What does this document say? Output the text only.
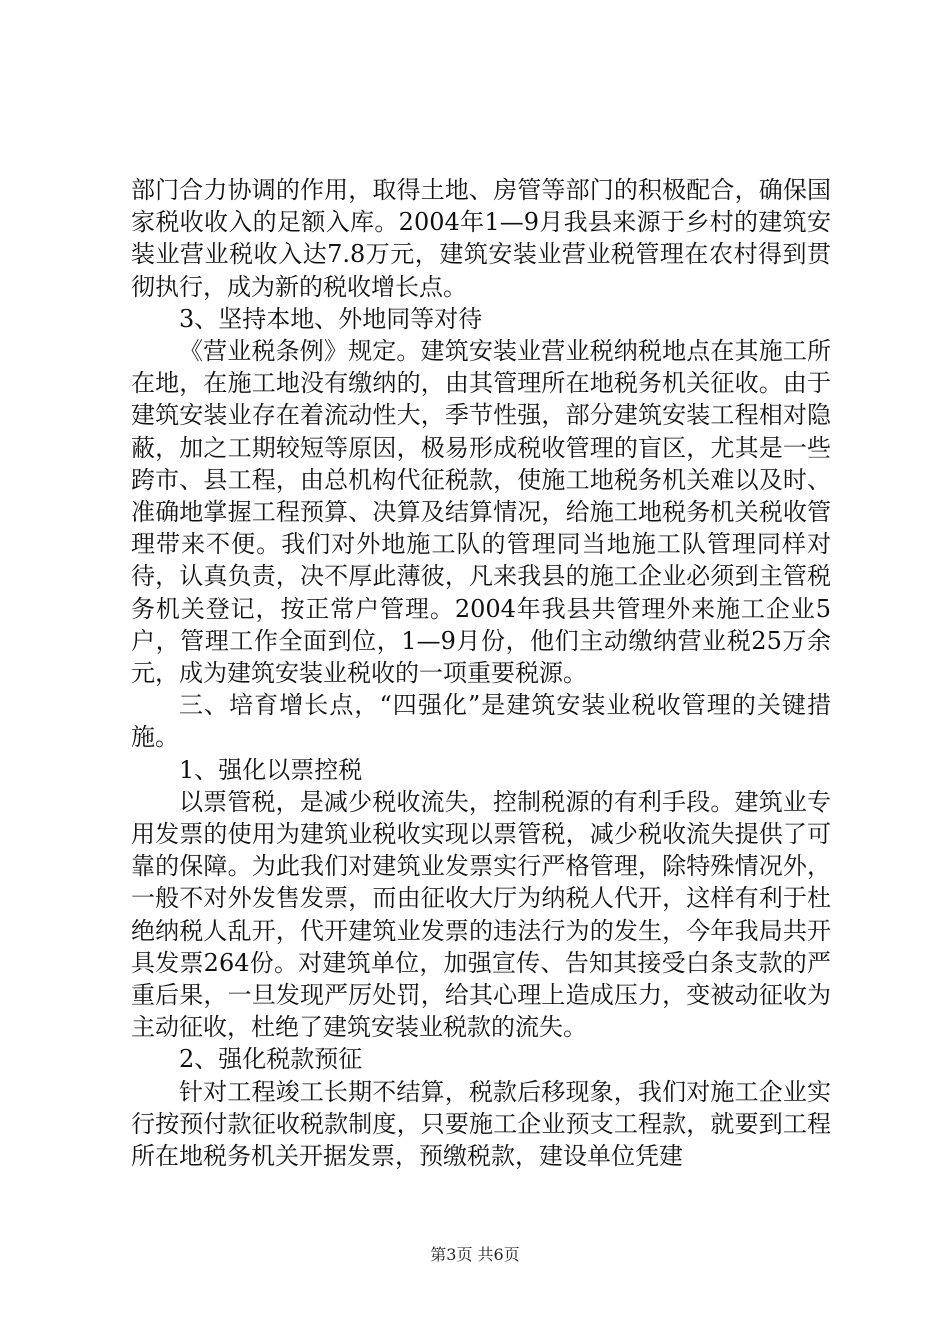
部门合力协调的作用，取得土地、房管等部门的积极配合，确保国家税收收入的足额入库。2004年1—9月我县来源于乡村的建筑安装业营业税收入达7.8万元，建筑安装业营业税管理在农村得到贯彻执行，成为新的税收增长点。

3、坚持本地、外地同等对待

《营业税条例》规定。建筑安装业营业税纳税地点在其施工所在地，在施工地没有缴纳的，由其管理所在地税务机关征收。由于建筑安装业存在着流动性大，季节性强，部分建筑安装工程相对隐蔽，加之工期较短等原因，极易形成税收管理的盲区，尤其是一些跨市、县工程，由总机构代征税款，使施工地税务机关难以及时、准确地掌握工程预算、决算及结算情况，给施工地税务机关税收管理带来不便。我们对外地施工队的管理同当地施工队管理同样对待，认真负责，决不厚此薄彼，凡来我县的施工企业必须到主管税务机关登记，按正常户管理。2004年我县共管理外来施工企业5户，管理工作全面到位，1—9月份，他们主动缴纳营业税25万余元，成为建筑安装业税收的一项重要税源。

三、培育增长点，“四强化”是建筑安装业税收管理的关键措施。

1、强化以票控税

以票管税，是减少税收流失，控制税源的有利手段。建筑业专用发票的使用为建筑业税收实现以票管税，减少税收流失提供了可靠的保障。为此我们对建筑业发票实行严格管理，除特殊情况外，一般不对外发售发票，而由征收大厅为纳税人代开，这样有利于杜绝纳税人乱开，代开建筑业发票的违法行为的发生，今年我局共开具发票264份。对建筑单位，加强宣传、告知其接受白条支款的严重后果，一旦发现严厉处罚，给其心理上造成压力，变被动征收为主动征收，杜绝了建筑安装业税款的流失。

2、强化税款预征

针对工程竣工长期不结算，税款后移现象，我们对施工企业实行按预付款征收税款制度，只要施工企业预支工程款，就要到工程所在地税务机关开据发票，预缴税款，建设单位凭建

第3页 共6页
